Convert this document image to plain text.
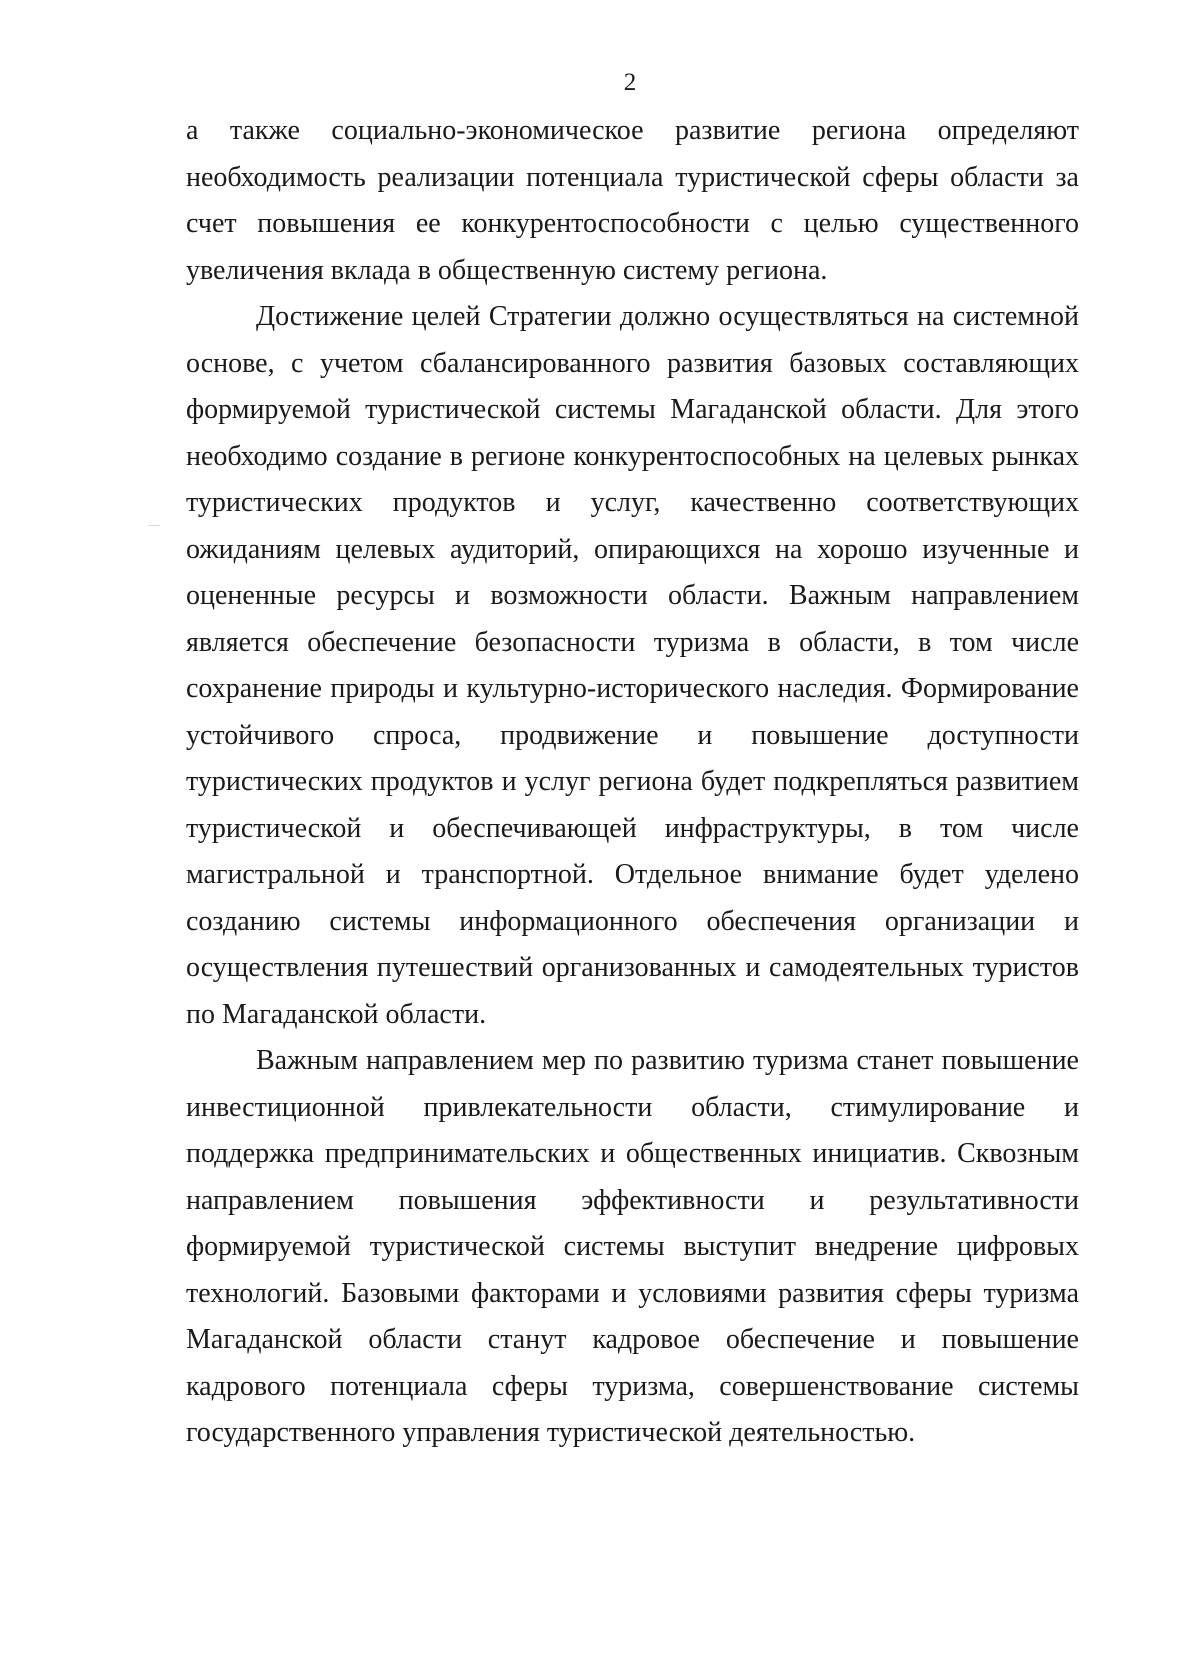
2

а также социально-экономическое развитие региона определяют необходимость реализации потенциала туристической сферы области за счет повышения ее конкурентоспособности с целью существенного увеличения вклада в общественную систему региона.

Достижение целей Стратегии должно осуществляться на системной основе, с учетом сбалансированного развития базовых составляющих формируемой туристической системы Магаданской области. Для этого необходимо создание в регионе конкурентоспособных на целевых рынках туристических продуктов и услуг, качественно соответствующих ожиданиям целевых аудиторий, опирающихся на хорошо изученные и оцененные ресурсы и возможности области. Важным направлением является обеспечение безопасности туризма в области, в том числе сохранение природы и культурно-исторического наследия. Формирование устойчивого спроса, продвижение и повышение доступности туристических продуктов и услуг региона будет подкрепляться развитием туристической и обеспечивающей инфраструктуры, в том числе магистральной и транспортной. Отдельное внимание будет уделено созданию системы информационного обеспечения организации и осуществления путешествий организованных и самодеятельных туристов по Магаданской области.

Важным направлением мер по развитию туризма станет повышение инвестиционной привлекательности области, стимулирование и поддержка предпринимательских и общественных инициатив. Сквозным направлением повышения эффективности и результативности формируемой туристической системы выступит внедрение цифровых технологий. Базовыми факторами и условиями развития сферы туризма Магаданской области станут кадровое обеспечение и повышение кадрового потенциала сферы туризма, совершенствование системы государственного управления туристической деятельностью.
